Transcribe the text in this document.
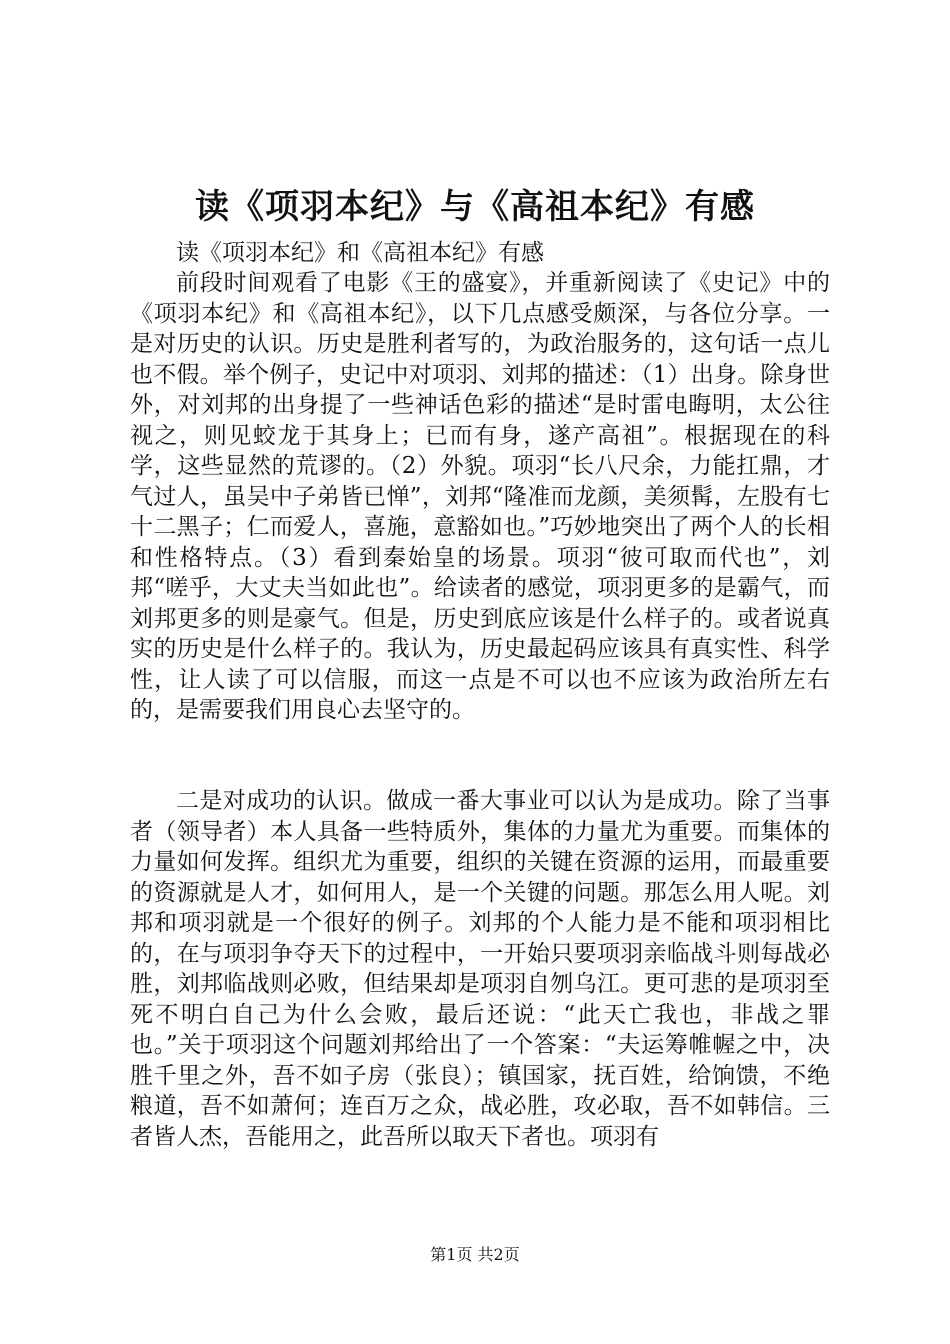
读《项羽本纪》与《高祖本纪》有感

读《项羽本纪》和《高祖本纪》有感

前段时间观看了电影《王的盛宴》，并重新阅读了《史记》中的《项羽本纪》和《高祖本纪》，以下几点感受颇深，与各位分享。一是对历史的认识。历史是胜利者写的，为政治服务的，这句话一点儿也不假。举个例子，史记中对项羽、刘邦的描述：（1）出身。除身世外，对刘邦的出身提了一些神话色彩的描述“是时雷电晦明，太公往视之，则见蛟龙于其身上；已而有身，遂产高祖”。根据现在的科学，这些显然的荒谬的。（2）外貌。项羽“长八尺余，力能扛鼎，才气过人，虽吴中子弟皆已惮”，刘邦“隆准而龙颜，美须髯，左股有七十二黑子；仁而爱人，喜施，意豁如也。”巧妙地突出了两个人的长相和性格特点。（3）看到秦始皇的场景。项羽“彼可取而代也”，刘邦“嗟乎，大丈夫当如此也”。给读者的感觉，项羽更多的是霸气，而刘邦更多的则是豪气。但是，历史到底应该是什么样子的。或者说真实的历史是什么样子的。我认为，历史最起码应该具有真实性、科学性，让人读了可以信服，而这一点是不可以也不应该为政治所左右的，是需要我们用良心去坚守的。

二是对成功的认识。做成一番大事业可以认为是成功。除了当事者（领导者）本人具备一些特质外，集体的力量尤为重要。而集体的力量如何发挥。组织尤为重要，组织的关键在资源的运用，而最重要的资源就是人才，如何用人，是一个关键的问题。那怎么用人呢。刘邦和项羽就是一个很好的例子。刘邦的个人能力是不能和项羽相比的，在与项羽争夺天下的过程中，一开始只要项羽亲临战斗则每战必胜，刘邦临战则必败，但结果却是项羽自刎乌江。更可悲的是项羽至死不明白自己为什么会败，最后还说：“此天亡我也，非战之罪也。”关于项羽这个问题刘邦给出了一个答案：“夫运筹帷幄之中，决胜千里之外，吾不如子房（张良）；镇国家，抚百姓，给饷馈，不绝粮道，吾不如萧何；连百万之众，战必胜，攻必取，吾不如韩信。三者皆人杰，吾能用之，此吾所以取天下者也。项羽有

第1页 共2页
